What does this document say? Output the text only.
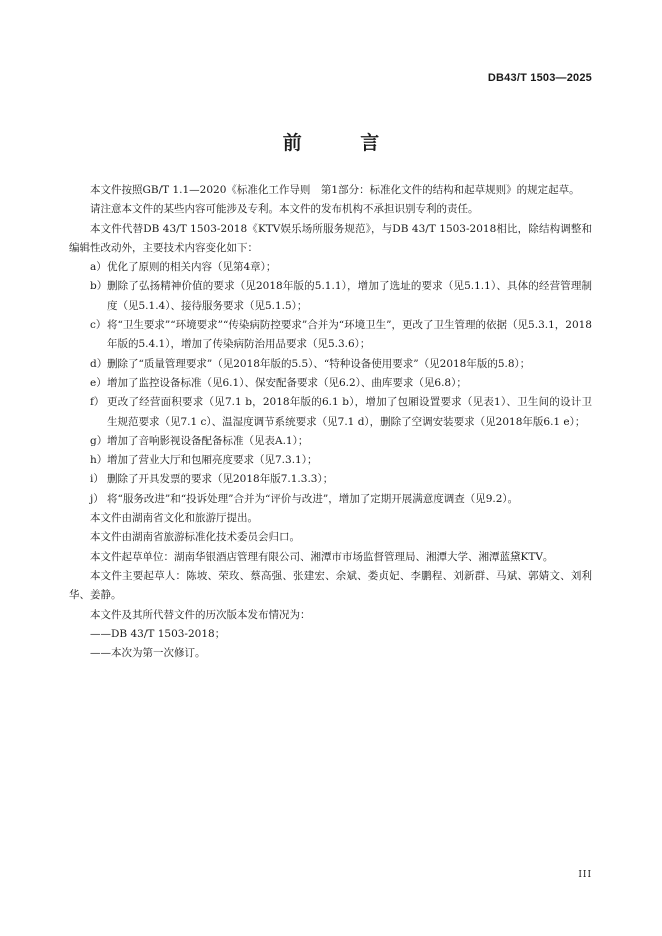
DB43/T 1503—2025
前 言
本文件按照GB/T 1.1—2020《标准化工作导则　第1部分：标准化文件的结构和起草规则》的规定起草。
请注意本文件的某些内容可能涉及专利。本文件的发布机构不承担识别专利的责任。
本文件代替DB 43/T 1503-2018《KTV娱乐场所服务规范》，与DB 43/T 1503-2018相比，除结构调整和编辑性改动外，主要技术内容变化如下：
a） 优化了原则的相关内容（见第4章）；
b） 删除了弘扬精神价值的要求（见2018年版的5.1.1），增加了选址的要求（见5.1.1）、具体的经营管理制度（见5.1.4）、接待服务要求（见5.1.5）；
c） 将“卫生要求”“环境要求”“传染病防控要求”合并为“环境卫生”，更改了卫生管理的依据（见5.3.1，2018年版的5.4.1），增加了传染病防治用品要求（见5.3.6）；
d） 删除了“质量管理要求”（见2018年版的5.5）、“特种设备使用要求”（见2018年版的5.8）；
e） 增加了监控设备标准（见6.1）、保安配备要求（见6.2）、曲库要求（见6.8）；
f） 更改了经营面积要求（见7.1 b，2018年版的6.1 b），增加了包厢设置要求（见表1）、卫生间的设计卫生规范要求（见7.1 c）、温湿度调节系统要求（见7.1 d），删除了空调安装要求（见2018年版6.1 e）；
g） 增加了音响影视设备配备标准（见表A.1）；
h） 增加了营业大厅和包厢亮度要求（见7.3.1）；
i） 删除了开具发票的要求（见2018年版7.1.3.3）；
j） 将“服务改进”和“投诉处理”合并为“评价与改进”，增加了定期开展满意度调查（见9.2）。
本文件由湖南省文化和旅游厅提出。
本文件由湖南省旅游标准化技术委员会归口。
本文件起草单位：湖南华银酒店管理有限公司、湘潭市市场监督管理局、湘潭大学、湘潭蓝黛KTV。
本文件主要起草人：陈坡、荣玫、蔡高强、张建宏、余斌、娄贞妃、李鹏程、刘新群、马斌、郭婧文、刘利华、姜静。
本文件及其所代替文件的历次版本发布情况为：
——DB 43/T 1503-2018；
——本次为第一次修订。
III
